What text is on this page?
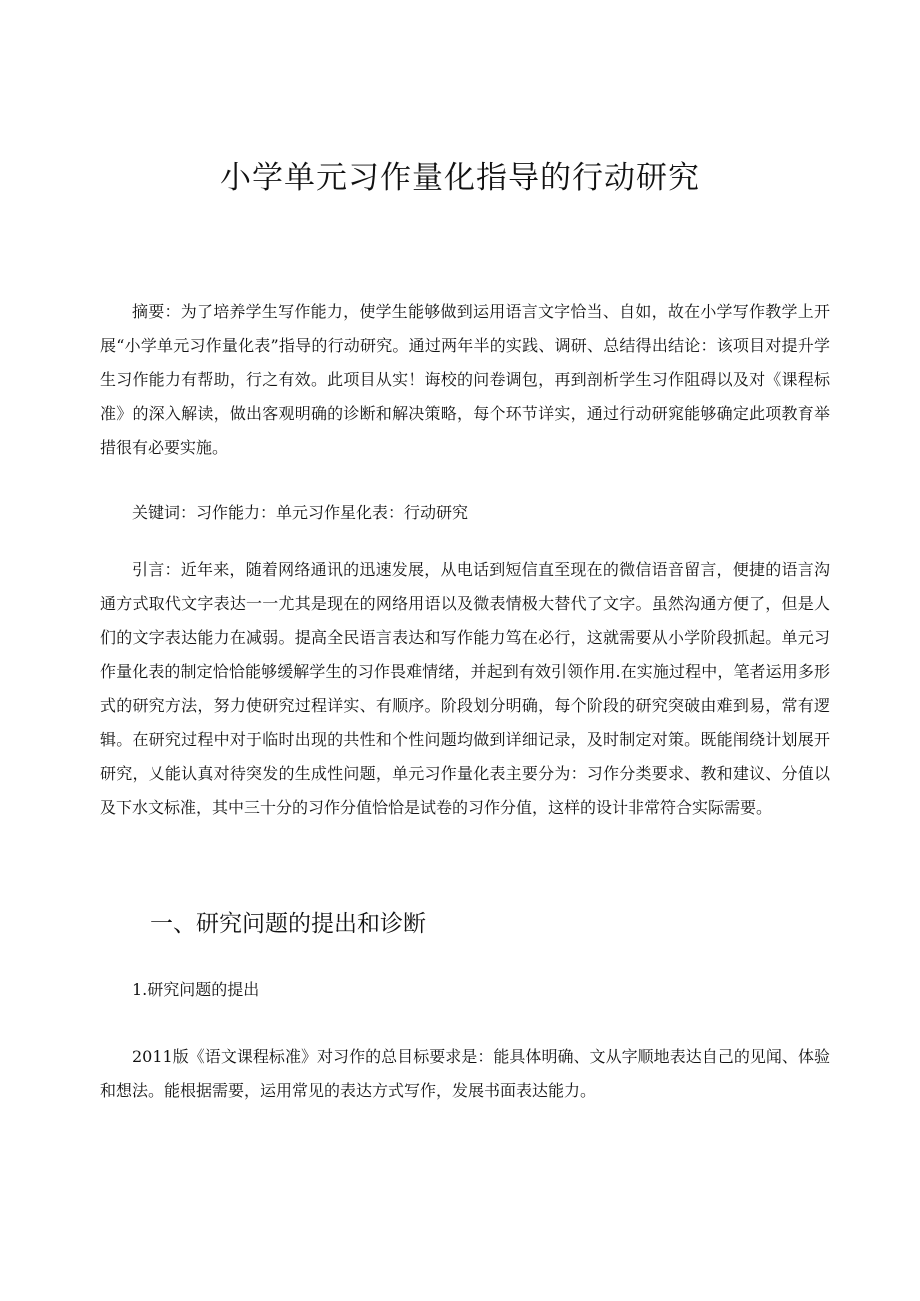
小学单元习作量化指导的行动研究

摘要：为了培养学生写作能力，使学生能够做到运用语言文字恰当、自如，故在小学写作教学上开展“小学单元习作量化表”指导的行动研究。通过两年半的实践、调研、总结得出结论：该项目对提升学生习作能力有帮助，行之有效。此项目从实！诲校的问卷调包，再到剖析学生习作阻碍以及对《课程标准》的深入解读，做出客观明确的诊断和解决策略，每个环节详实，通过行动研窕能够确定此项教育举措很有必要实施。

关键词：习作能力：单元习作星化表：行动研究

引言：近年来，随着网络通讯的迅速发展，从电话到短信直至现在的微信语音留言，便捷的语言沟通方式取代文字表达一一尤其是现在的网络用语以及微表情极大替代了文字。虽然沟通方便了，但是人们的文字表达能力在减弱。提高全民语言表达和写作能力笃在必行，这就需要从小学阶段抓起。单元习作量化表的制定恰恰能够缓解学生的习作畏难情绪，并起到有效引领作用.在实施过程中，笔者运用多形式的研究方法，努力使研究过程详实、有顺序。阶段划分明确，每个阶段的研究突破由难到易，常有逻辑。在研究过程中对于临时出现的共性和个性问题均做到详细记录，及时制定对策。既能闱绕计划展开研究，乂能认真对待突发的生成性问题，单元习作量化表主要分为：习作分类要求、教和建议、分值以及下水文标准，其中三十分的习作分值恰恰是试卷的习作分值，这样的设计非常符合实际需要。

一、研究问题的提出和诊断
1.研究问题的提出

2011版《语文课程标准》对习作的总目标要求是：能具体明确、文从字顺地表达自己的见闻、体验和想法。能根据需要，运用常见的表达方式写作，发展书面表达能力。
